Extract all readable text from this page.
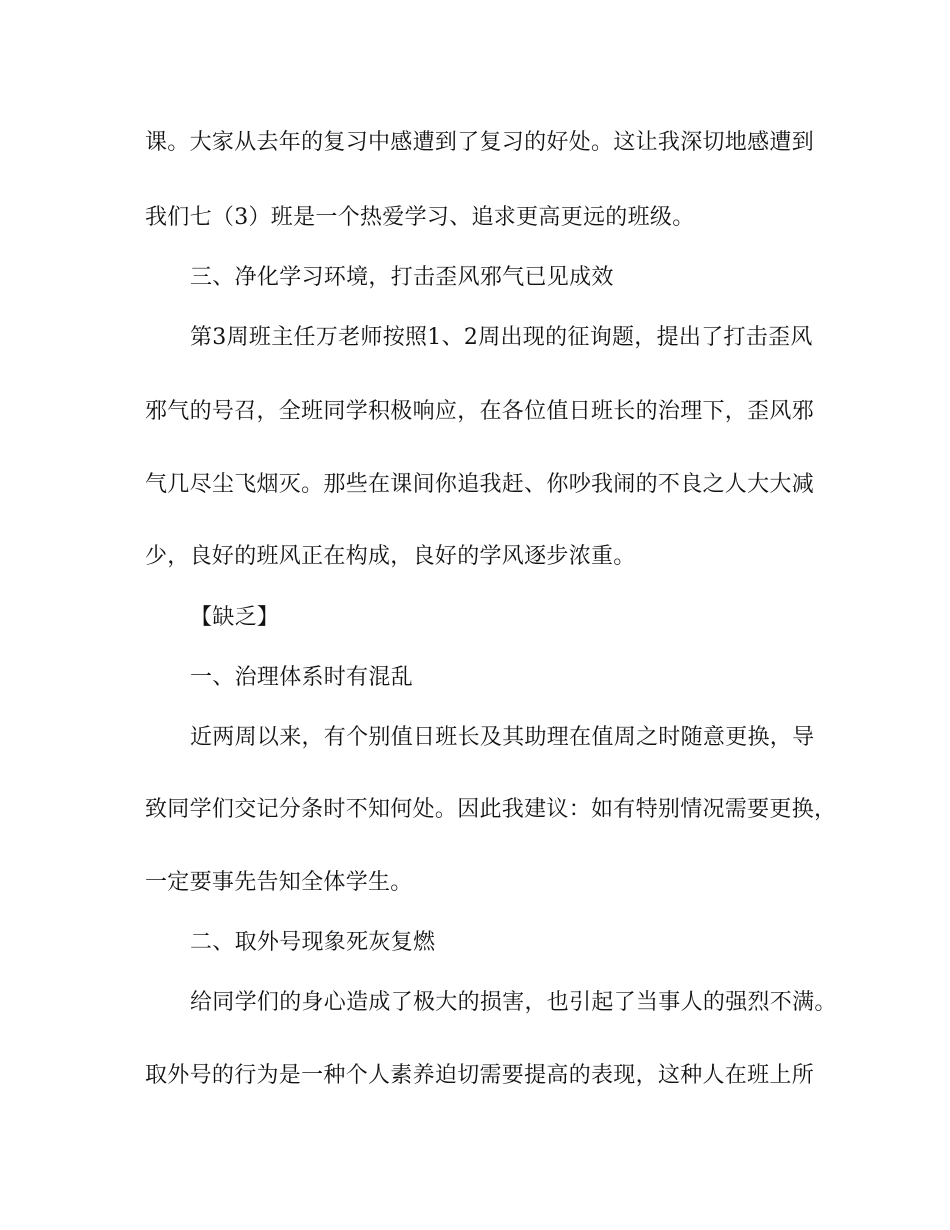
课。大家从去年的复习中感遭到了复习的好处。这让我深切地感遭到
我们七（3）班是一个热爱学习、追求更高更远的班级。
三、净化学习环境，打击歪风邪气已见成效
第3周班主任万老师按照1、2周出现的征询题，提出了打击歪风
邪气的号召，全班同学积极响应，在各位值日班长的治理下，歪风邪
气几尽尘飞烟灭。那些在课间你追我赶、你吵我闹的不良之人大大减
少，良好的班风正在构成，良好的学风逐步浓重。
【缺乏】
一、治理体系时有混乱
近两周以来，有个别值日班长及其助理在值周之时随意更换，导
致同学们交记分条时不知何处。因此我建议：如有特别情况需要更换，
一定要事先告知全体学生。
二、取外号现象死灰复燃
给同学们的身心造成了极大的损害，也引起了当事人的强烈不满。
取外号的行为是一种个人素养迫切需要提高的表现，这种人在班上所
